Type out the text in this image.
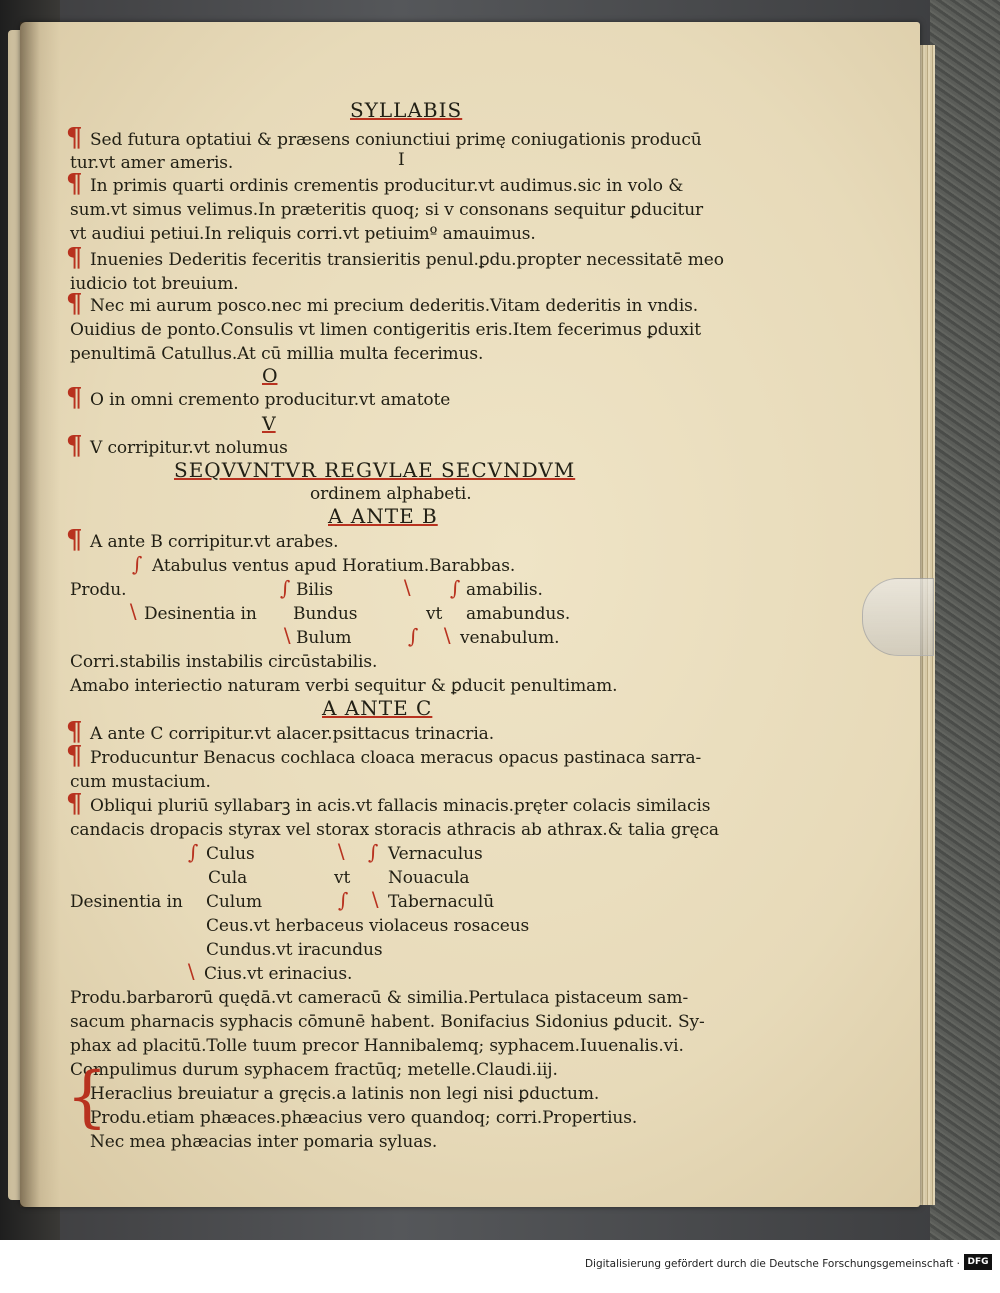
SYLLABIS
¶ Sed futura optatiui & præsens coniunctiui primę coniugationis producū
tur.vt amer ameris.	I
¶ In primis quarti ordinis crementis producitur.vt audimus.sic in volo &
sum.vt simus velimus.In præteritis quoq; si v consonans sequitur ꝑducitur
vt audiui petiui.In reliquis corri.vt petiuimº amauimus.
¶ Inuenies Dederitis feceritis transieritis penul.ꝑdu.propter necessitatē meo
iudicio tot breuium.
¶ Nec mi aurum posco.nec mi precium dederitis.Vitam dederitis in vndis.
Ouidius de ponto.Consulis vt limen contigeritis eris.Item fecerimus ꝑduxit
penultimā Catullus.At cū millia multa fecerimus.
O
¶ O in omni cremento producitur.vt amatote
V
¶ V corripitur.vt nolumus
SEQVVNTVR REGVLAE SECVNDVM
ordinem alphabeti.
A ANTE B
¶ A ante B corripitur.vt arabes.
∫ Atabulus ventus apud Horatium.Barabbas.
Produ.	∫ Bilis	∖ ∫ amabilis.
∖ Desinentia in Bundus	vt amabundus.
∖ Bulum	∫ ∖ venabulum.
Corri.stabilis instabilis circūstabilis.
Amabo interiectio naturam verbi sequitur & ꝑducit penultimam.
A ANTE C
¶ A ante C corripitur.vt alacer.psittacus trinacria.
¶ Producuntur Benacus cochlaca cloaca meracus opacus pastinaca sarra-
cum mustacium.
¶ Obliqui pluriū syllabarꝫ in acis.vt fallacis minacis.pręter colacis similacis
candacis dropacis styrax vel storax storacis athracis ab athrax.& talia gręca
∫ Culus	∖ ∫ Vernaculus
Cula	vt Nouacula
Desinentia in Culum	∫ ∖ Tabernaculū
Ceus.vt herbaceus violaceus rosaceus
Cundus.vt iracundus
∖ Cius.vt erinacius.
Produ.barbarorū quędā.vt cameracū & similia.Pertulaca pistaceum sam-
sacum pharnacis syphacis cōmunē habent. Bonifacius Sidonius ꝑducit. Sy-
phax ad placitū.Tolle tuum precor Hannibalemq; syphacem.Iuuenalis.vi.
Compulimus durum syphacem fractūq; metelle.Claudi.iij.
{
Heraclius breuiatur a gręcis.a latinis non legi nisi ꝑductum.
Produ.etiam phæaces.phæacius vero quandoq; corri.Propertius.
Nec mea phæacias inter pomaria syluas.
Digitalisierung gefördert durch die Deutsche Forschungsgemeinschaft · DFG
